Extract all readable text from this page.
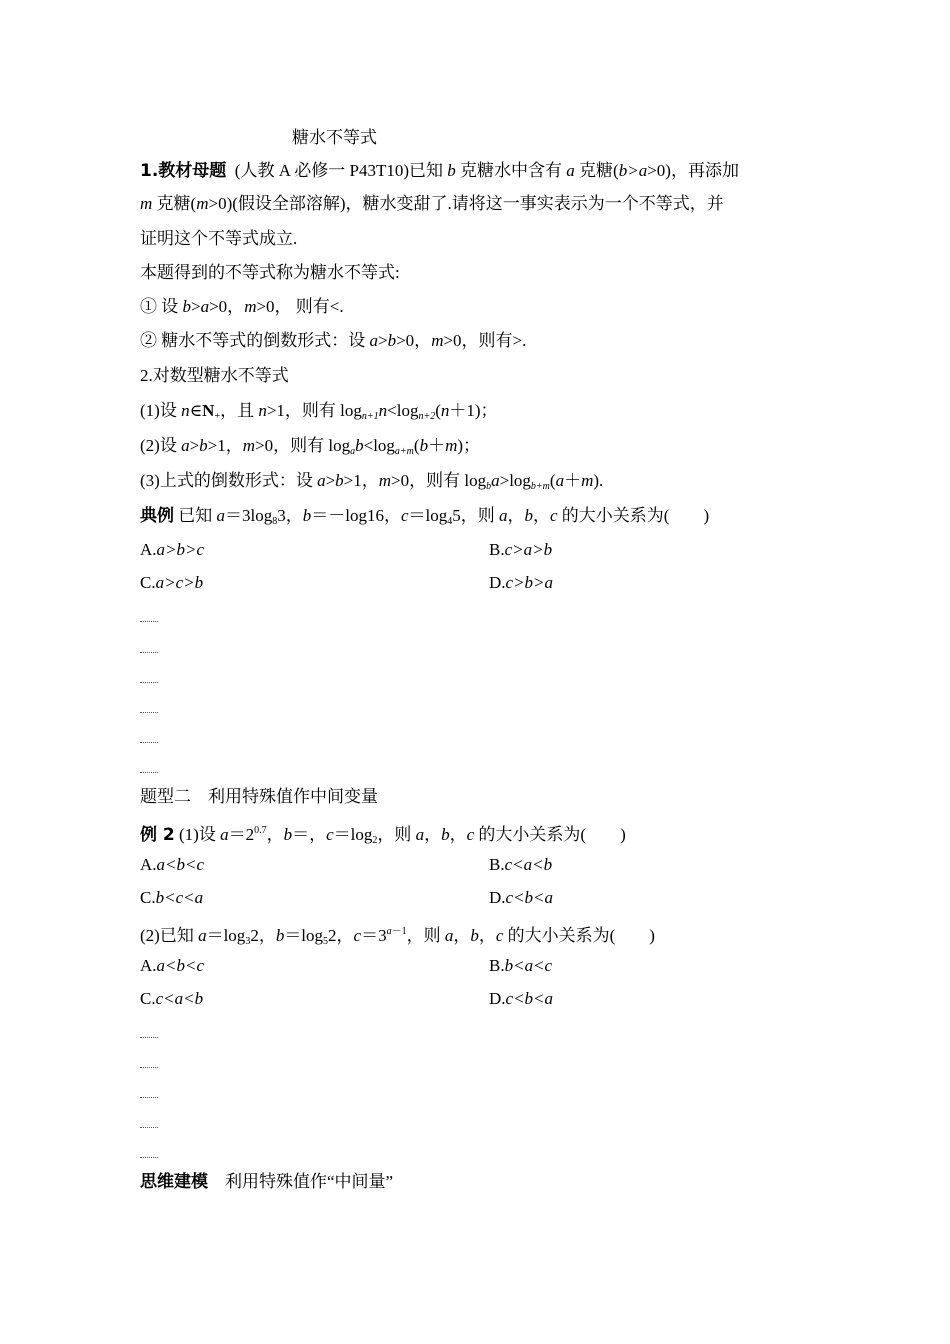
糖水不等式
1.教材母题 (人教 A 必修一 P43T10)已知 b 克糖水中含有 a 克糖(b>a>0)，再添加
m 克糖(m>0)(假设全部溶解)，糖水变甜了.请将这一事实表示为一个不等式，并
证明这个不等式成立.
本题得到的不等式称为糖水不等式:
① 设 b>a>0，m>0， 则有<.
② 糖水不等式的倒数形式：设 a>b>0，m>0，则有>.
2.对数型糖水不等式
(1)设 $n\in N_+$，且 n>1，则有 $\log_{n+1}n<\log_{n+2}(n+1)$；
(2)设 a>b>1，m>0，则有 $\log_ab<\log_{a+m}(b+m)$；
(3)上式的倒数形式：设 a>b>1，m>0，则有 $\log_ba>\log_{b+m}(a+m)$.
典例 已知 $a=3\log_83$，b＝－log16，$c=\log_45$，则 a，b，c 的大小关系为(　　)
A.a>b>c	B.c>a>b
C.a>c>b	D.c>b>a
题型二　利用特殊值作中间变量
例 2 (1)设 $a=2^{0.7}$，b＝，$c=\log_2$，则 a，b，c 的大小关系为(　　)
A.a<b<c	B.c<a<b
C.b<c<a	D.c<b<a
(2)已知 $a=\log_32$，$b=\log_52$，$c=3^{a-1}$，则 a，b，c 的大小关系为(　　)
A.a<b<c	B.b<a<c
C.c<a<b	D.c<b<a
思维建模　利用特殊值作“中间量”
